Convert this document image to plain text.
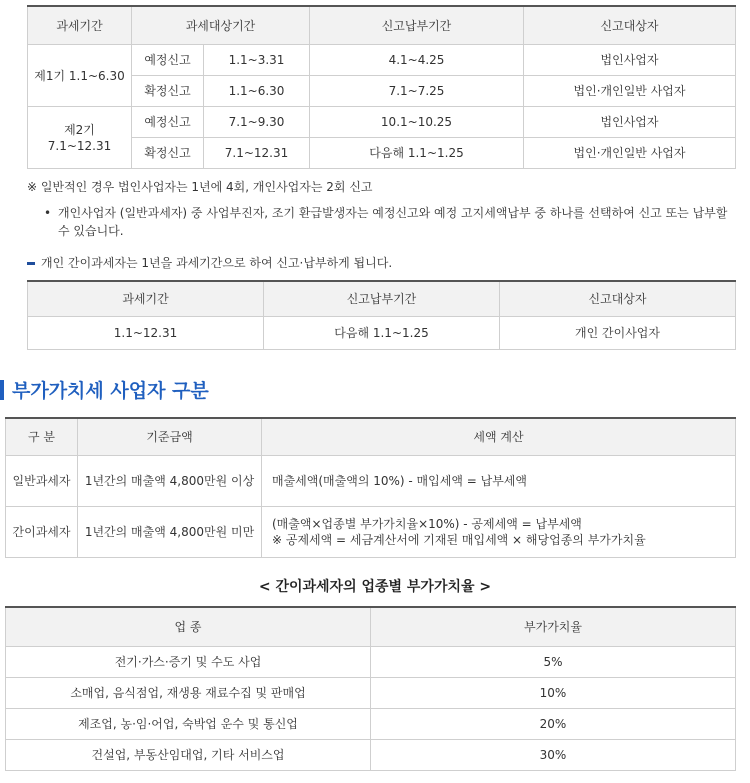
과세기간	과세대상기간		신고납부기간	신고대상자
제1기 1.1~6.30	예정신고	1.1~3.31	4.1~4.25	법인사업자
	확정신고	1.1~6.30	7.1~7.25	법인·개인일반 사업자
제2기 7.1~12.31	예정신고	7.1~9.30	10.1~10.25	법인사업자
	확정신고	7.1~12.31	다음해 1.1~1.25	법인·개인일반 사업자
※ 일반적인 경우 법인사업자는 1년에 4회, 개인사업자는 2회 신고
• 개인사업자 (일반과세자) 중 사업부진자, 조기 환급발생자는 예정신고와 예정 고지세액납부 중 하나를 선택하여 신고 또는 납부할 수 있습니다.
개인 간이과세자는 1년을 과세기간으로 하여 신고·납부하게 됩니다.
과세기간	신고납부기간	신고대상자
1.1~12.31	다음해 1.1~1.25	개인 간이사업자
부가가치세 사업자 구분
구 분	기준금액	세액 계산
일반과세자	1년간의 매출액 4,800만원 이상	매출세액(매출액의 10%) - 매입세액 = 납부세액

간이과세자	1년간의 매출액 4,800만원 미만	(매출액×업종별 부가가치율×10%) - 공제세액 = 납부세액
※ 공제세액 = 세금계산서에 기재된 매입세액 × 해당업종의 부가가치율
< 간이과세자의 업종별 부가가치율 >
업 종	부가가치율
전기·가스·증기 및 수도 사업	5%
소매업, 음식점업, 재생용 재료수집 및 판매업	10%
제조업, 농·임·어업, 숙박업 운수 및 통신업	20%
건설업, 부동산임대업, 기타 서비스업	30%
